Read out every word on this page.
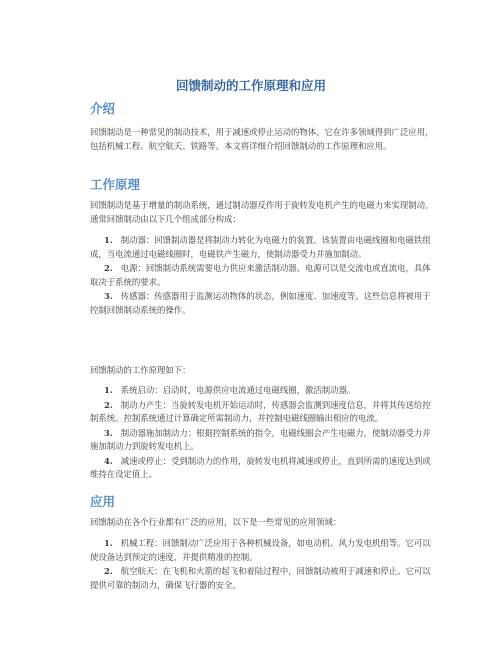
回馈制动的工作原理和应用
介绍

回馈制动是一种常见的制动技术，用于减速或停止运动的物体。它在许多领域得到广泛应用，包括机械工程、航空航天、铁路等。本文将详细介绍回馈制动的工作原理和应用。

工作原理

回馈制动是基于增量的制动系统，通过制动器反作用于旋转发电机产生的电磁力来实现制动。通常回馈制动由以下几个组成部分构成：

1. 制动器：回馈制动器是将制动力转化为电磁力的装置。该装置由电磁线圈和电磁铁组成，当电流通过电磁线圈时，电磁铁产生磁力，使制动器受力并施加制动。
2. 电源：回馈制动系统需要电力供应来激活制动器。电源可以是交流电或直流电，具体取决于系统的要求。
3. 传感器：传感器用于监测运动物体的状态，例如速度、加速度等。这些信息将被用于控制回馈制动系统的操作。

回馈制动的工作原理如下：

1. 系统启动：启动时，电源供应电流通过电磁线圈，激活制动器。
2. 制动力产生：当旋转发电机开始运动时，传感器会监测到速度信息，并将其传送给控制系统。控制系统通过计算确定所需制动力，并控制电磁线圈输出相应的电流。
3. 制动器施加制动力：根据控制系统的指令，电磁线圈会产生电磁力，使制动器受力并施加制动力到旋转发电机上。
4. 减速或停止：受到制动力的作用，旋转发电机将减速或停止，直到所需的速度达到或维持在设定值上。
应用

回馈制动在各个行业都有广泛的应用，以下是一些常见的应用领域：

1. 机械工程：回馈制动广泛应用于各种机械设备，如电动机、风力发电机组等。它可以使设备达到预定的速度，并提供精准的控制。
2. 航空航天：在飞机和火箭的起飞和着陆过程中，回馈制动被用于减速和停止。它可以提供可靠的制动力，确保飞行器的安全。
